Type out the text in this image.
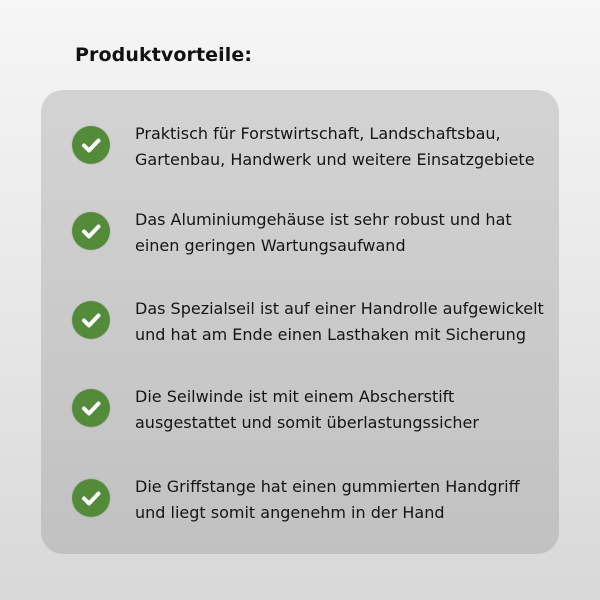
Produktvorteile:
Praktisch für Forstwirtschaft, Landschaftsbau,
Gartenbau, Handwerk und weitere Einsatzgebiete
Das Aluminiumgehäuse ist sehr robust und hat
einen geringen Wartungsaufwand
Das Spezialseil ist auf einer Handrolle aufgewickelt
und hat am Ende einen Lasthaken mit Sicherung
Die Seilwinde ist mit einem Abscherstift
ausgestattet und somit überlastungssicher
Die Griffstange hat einen gummierten Handgriff
und liegt somit angenehm in der Hand
